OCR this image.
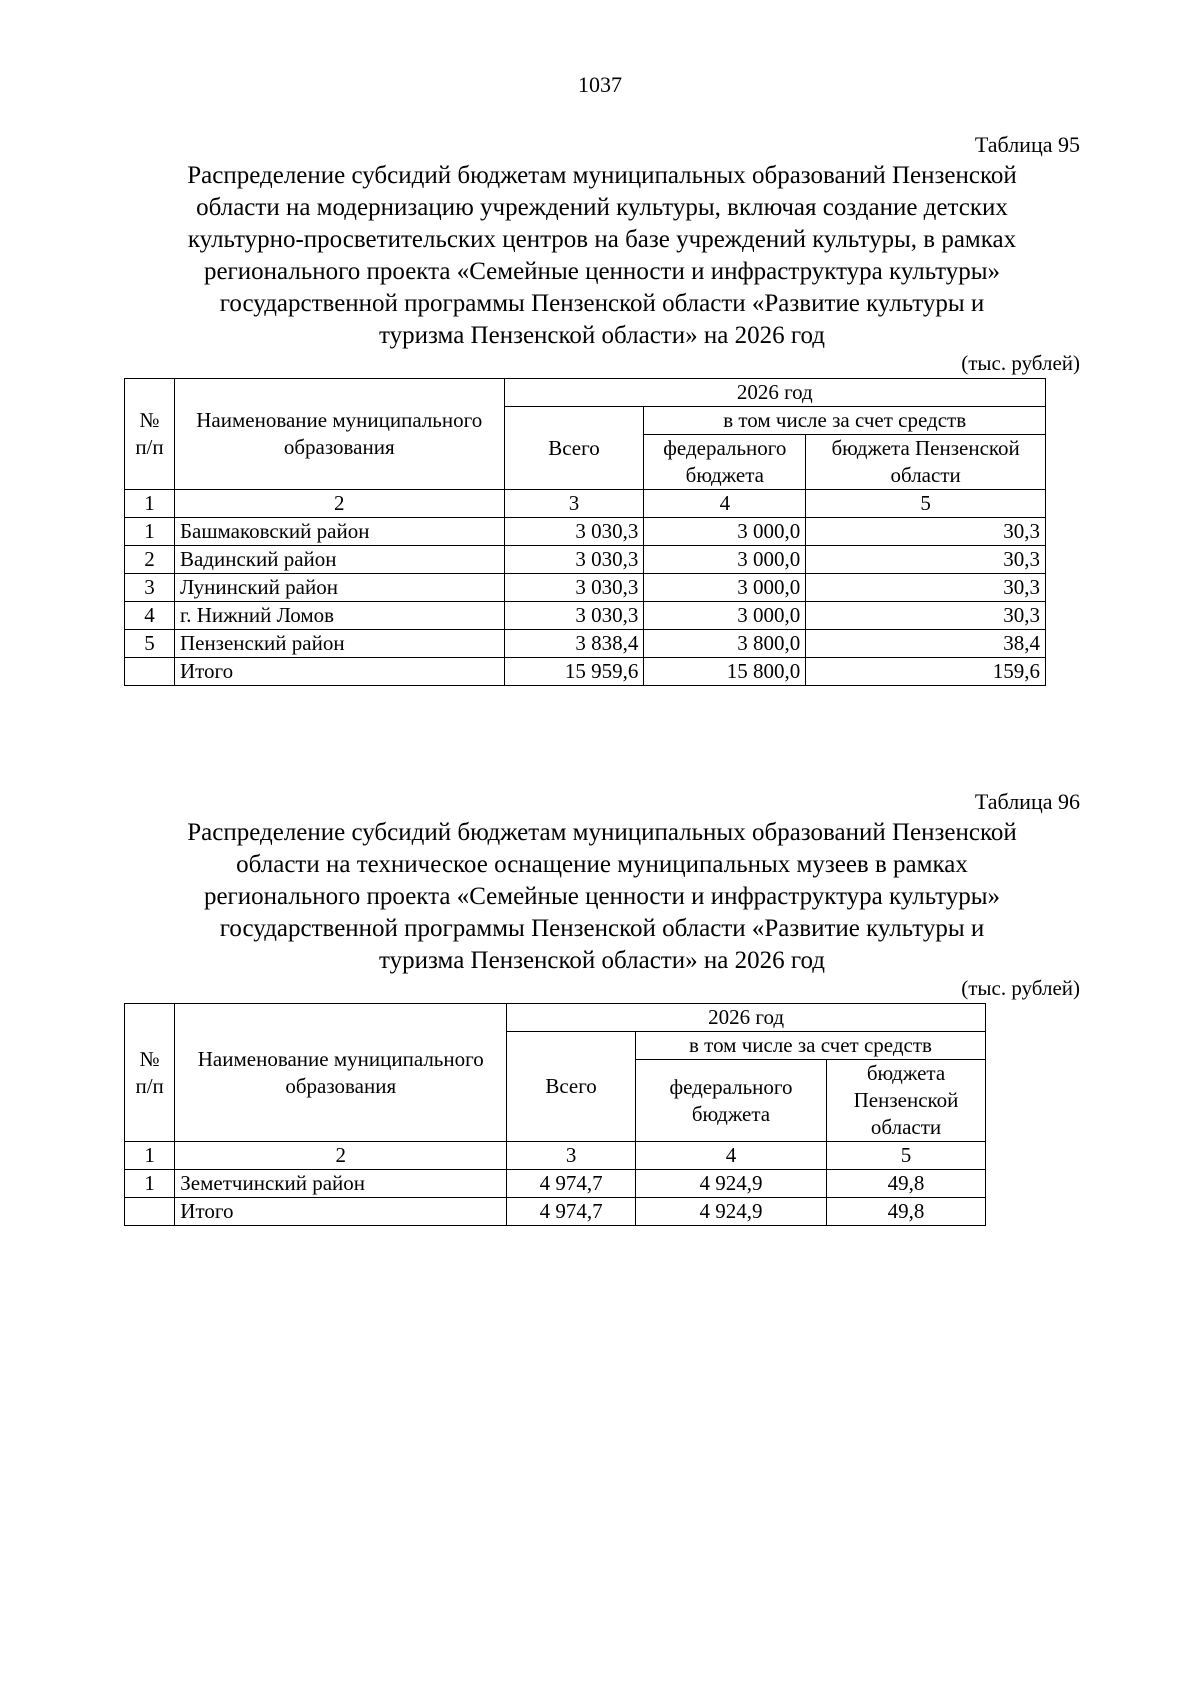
1037
Таблица 95
Распределение субсидий бюджетам муниципальных образований Пензенской
области на модернизацию учреждений культуры, включая создание детских
культурно-просветительских центров на базе учреждений культуры, в рамках
регионального проекта «Семейные ценности и инфраструктура культуры»
государственной программы Пензенской области «Развитие культуры и
туризма Пензенской области» на 2026 год
(тыс. рублей)
№ п/п	Наименование муниципального образования	2026 год		
		Всего	в том числе за счет средств	
			федерального бюджета	бюджета Пензенской области
1	2	3	4	5
1	Башмаковский район	3 030,3	3 000,0	30,3
2	Вадинский район	3 030,3	3 000,0	30,3
3	Лунинский район	3 030,3	3 000,0	30,3
4	г. Нижний Ломов	3 030,3	3 000,0	30,3
5	Пензенский район	3 838,4	3 800,0	38,4
	Итого	15 959,6	15 800,0	159,6
Таблица 96
Распределение субсидий бюджетам муниципальных образований Пензенской
области на техническое оснащение муниципальных музеев в рамках
регионального проекта «Семейные ценности и инфраструктура культуры»
государственной программы Пензенской области «Развитие культуры и
туризма Пензенской области» на 2026 год
(тыс. рублей)
№ п/п	Наименование муниципального образования	2026 год		
		Всего	в том числе за счет средств	
			федерального бюджета	бюджета Пензенской области
1	2	3	4	5
1	Земетчинский район	4 974,7	4 924,9	49,8
	Итого	4 974,7	4 924,9	49,8
